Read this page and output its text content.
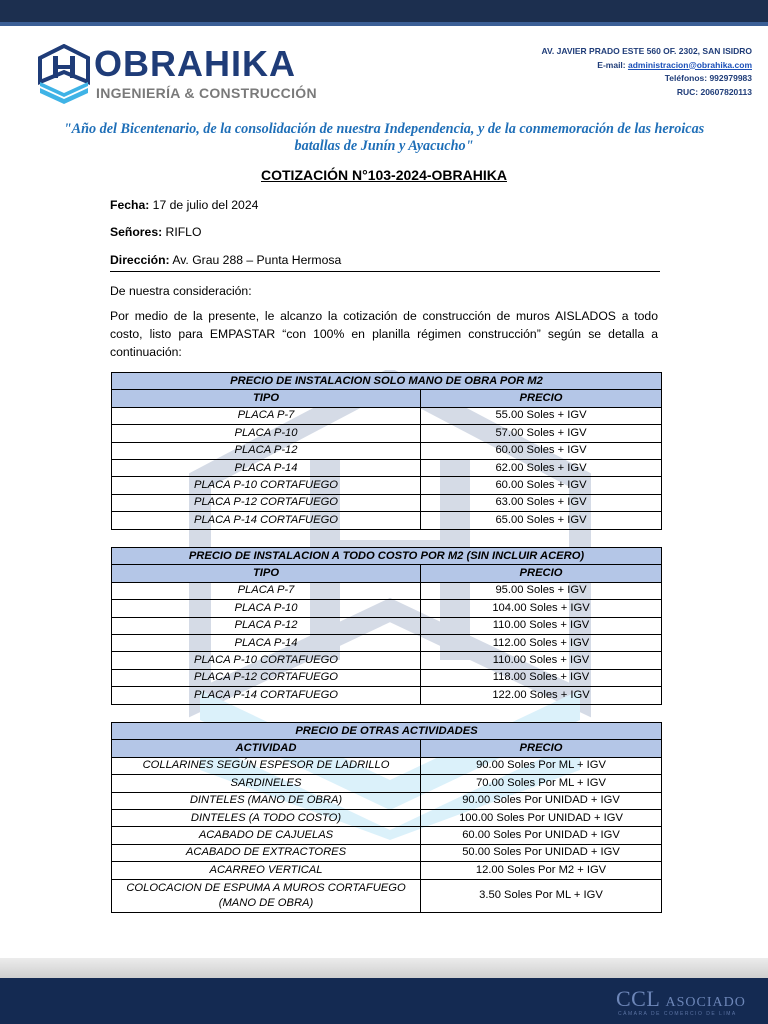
OBRAHIKA
INGENIERÍA & CONSTRUCCIÓN
AV. JAVIER PRADO ESTE 560 OF. 2302, SAN ISIDRO
E-mail: administracion@obrahika.com
Teléfonos: 992979983
RUC: 20607820113
"Año del Bicentenario, de la consolidación de nuestra Independencia, y de la conmemoración de las heroicas batallas de Junín y Ayacucho"
COTIZACIÓN N°103-2024-OBRAHIKA
Fecha: 17 de julio del 2024
Señores: RIFLO
Dirección: Av. Grau 288 – Punta Hermosa
De nuestra consideración:
Por medio de la presente, le alcanzo la cotización de construcción de muros AISLADOS a todo costo, listo para EMPASTAR “con 100% en planilla régimen construcción” según se detalla a continuación:
PRECIO DE INSTALACION SOLO MANO DE OBRA POR M2	
TIPO	PRECIO
PLACA P-7	55.00 Soles + IGV
PLACA P-10	57.00 Soles + IGV
PLACA P-12	60.00 Soles + IGV
PLACA P-14	62.00 Soles + IGV
PLACA P-10 CORTAFUEGO	60.00 Soles + IGV
PLACA P-12 CORTAFUEGO	63.00 Soles + IGV
PLACA P-14 CORTAFUEGO	65.00 Soles + IGV
PRECIO DE INSTALACION A TODO COSTO POR M2 (SIN INCLUIR ACERO)	
TIPO	PRECIO
PLACA P-7	95.00 Soles + IGV
PLACA P-10	104.00 Soles + IGV
PLACA P-12	110.00 Soles + IGV
PLACA P-14	112.00 Soles + IGV
PLACA P-10 CORTAFUEGO	110.00 Soles + IGV
PLACA P-12 CORTAFUEGO	118.00 Soles + IGV
PLACA P-14 CORTAFUEGO	122.00 Soles + IGV
PRECIO DE OTRAS ACTIVIDADES	
ACTIVIDAD	PRECIO
COLLARINES SEGÚN ESPESOR DE LADRILLO	90.00 Soles Por ML + IGV
SARDINELES	70.00 Soles Por ML + IGV
DINTELES (MANO DE OBRA)	90.00 Soles Por UNIDAD + IGV
DINTELES (A TODO COSTO)	100.00 Soles Por UNIDAD + IGV
ACABADO DE CAJUELAS	60.00 Soles Por UNIDAD + IGV
ACABADO DE EXTRACTORES	50.00 Soles Por UNIDAD + IGV
ACARREO VERTICAL	12.00 Soles Por M2 + IGV
COLOCACION DE ESPUMA A MUROS CORTAFUEGO (MANO DE OBRA)	3.50 Soles Por ML + IGV
CCL ASOCIADO
CÁMARA DE COMERCIO DE LIMA
